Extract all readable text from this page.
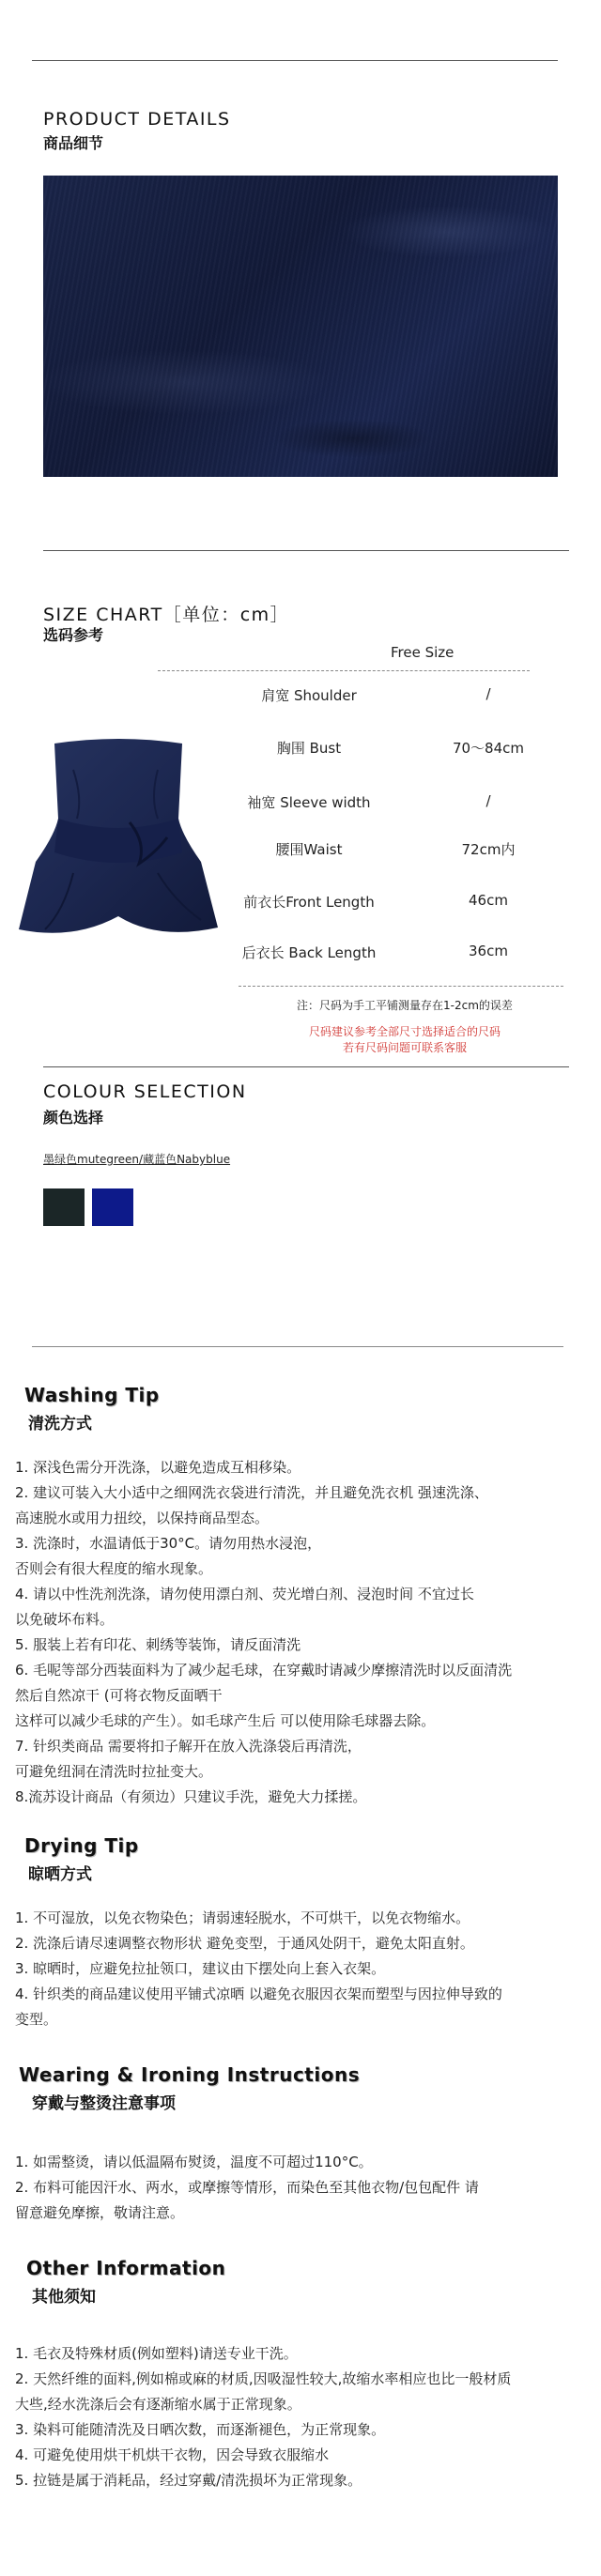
PRODUCT DETAILS
商品细节
SIZE CHART［单位：cm］
选码参考
Free Size
肩宽 Shoulder	/
胸围 Bust	70～84cm
袖宽 Sleeve width	/
腰围Waist	72cm内
前衣长Front Length	46cm
后衣长 Back Length	36cm
注：尺码为手工平铺测量存在1-2cm的误差
尺码建议参考全部尺寸选择适合的尺码
若有尺码问题可联系客服
COLOUR SELECTION
颜色选择
墨绿色mutegreen/藏蓝色Nabyblue
Washing Tip
清洗方式

1. 深浅色需分开洗涤，以避免造成互相移染。

2. 建议可装入大小适中之细网洗衣袋进行清洗，并且避免洗衣机 强速洗涤、

高速脱水或用力扭绞，以保持商品型态。

3. 洗涤时，水温请低于30°C。请勿用热水浸泡，

否则会有很大程度的缩水现象。

4. 请以中性洗剂洗涤，请勿使用漂白剂、荧光增白剂、浸泡时间 不宜过长

以免破坏布料。

5. 服装上若有印花、刺绣等装饰，请反面清洗

6. 毛呢等部分西装面料为了减少起毛球，在穿戴时请减少摩擦清洗时以反面清洗

然后自然凉干 (可将衣物反面晒干

这样可以减少毛球的产生）。如毛球产生后 可以使用除毛球器去除。

7. 针织类商品 需要将扣子解开在放入洗涤袋后再清洗，

可避免纽洞在清洗时拉扯变大。

8.流苏设计商品（有须边）只建议手洗，避免大力揉搓。

Drying Tip
晾晒方式

1. 不可湿放，以免衣物染色；请弱速轻脱水，不可烘干，以免衣物缩水。

2. 洗涤后请尽速调整衣物形状 避免变型，于通风处阴干，避免太阳直射。

3. 晾晒时，应避免拉扯领口，建议由下摆处向上套入衣架。

4. 针织类的商品建议使用平铺式凉晒 以避免衣服因衣架而塑型与因拉伸导致的

变型。

Wearing & Ironing Instructions
穿戴与整烫注意事项

1. 如需整烫，请以低温隔布熨烫，温度不可超过110°C。

2. 布料可能因汗水、两水，或摩擦等情形，而染色至其他衣物/包包配件 请

留意避免摩擦，敬请注意。

Other Information
其他须知

1. 毛衣及特殊材质(例如塑料)请送专业干洗。

2. 天然纤维的面料,例如棉或麻的材质,因吸湿性较大,故缩水率相应也比一般材质

大些,经水洗涤后会有逐渐缩水属于正常现象。

3. 染料可能随清洗及日晒次数，而逐渐褪色，为正常现象。

4. 可避免使用烘干机烘干衣物，因会导致衣服缩水

5. 拉链是属于消耗品，经过穿戴/清洗损坏为正常现象。
